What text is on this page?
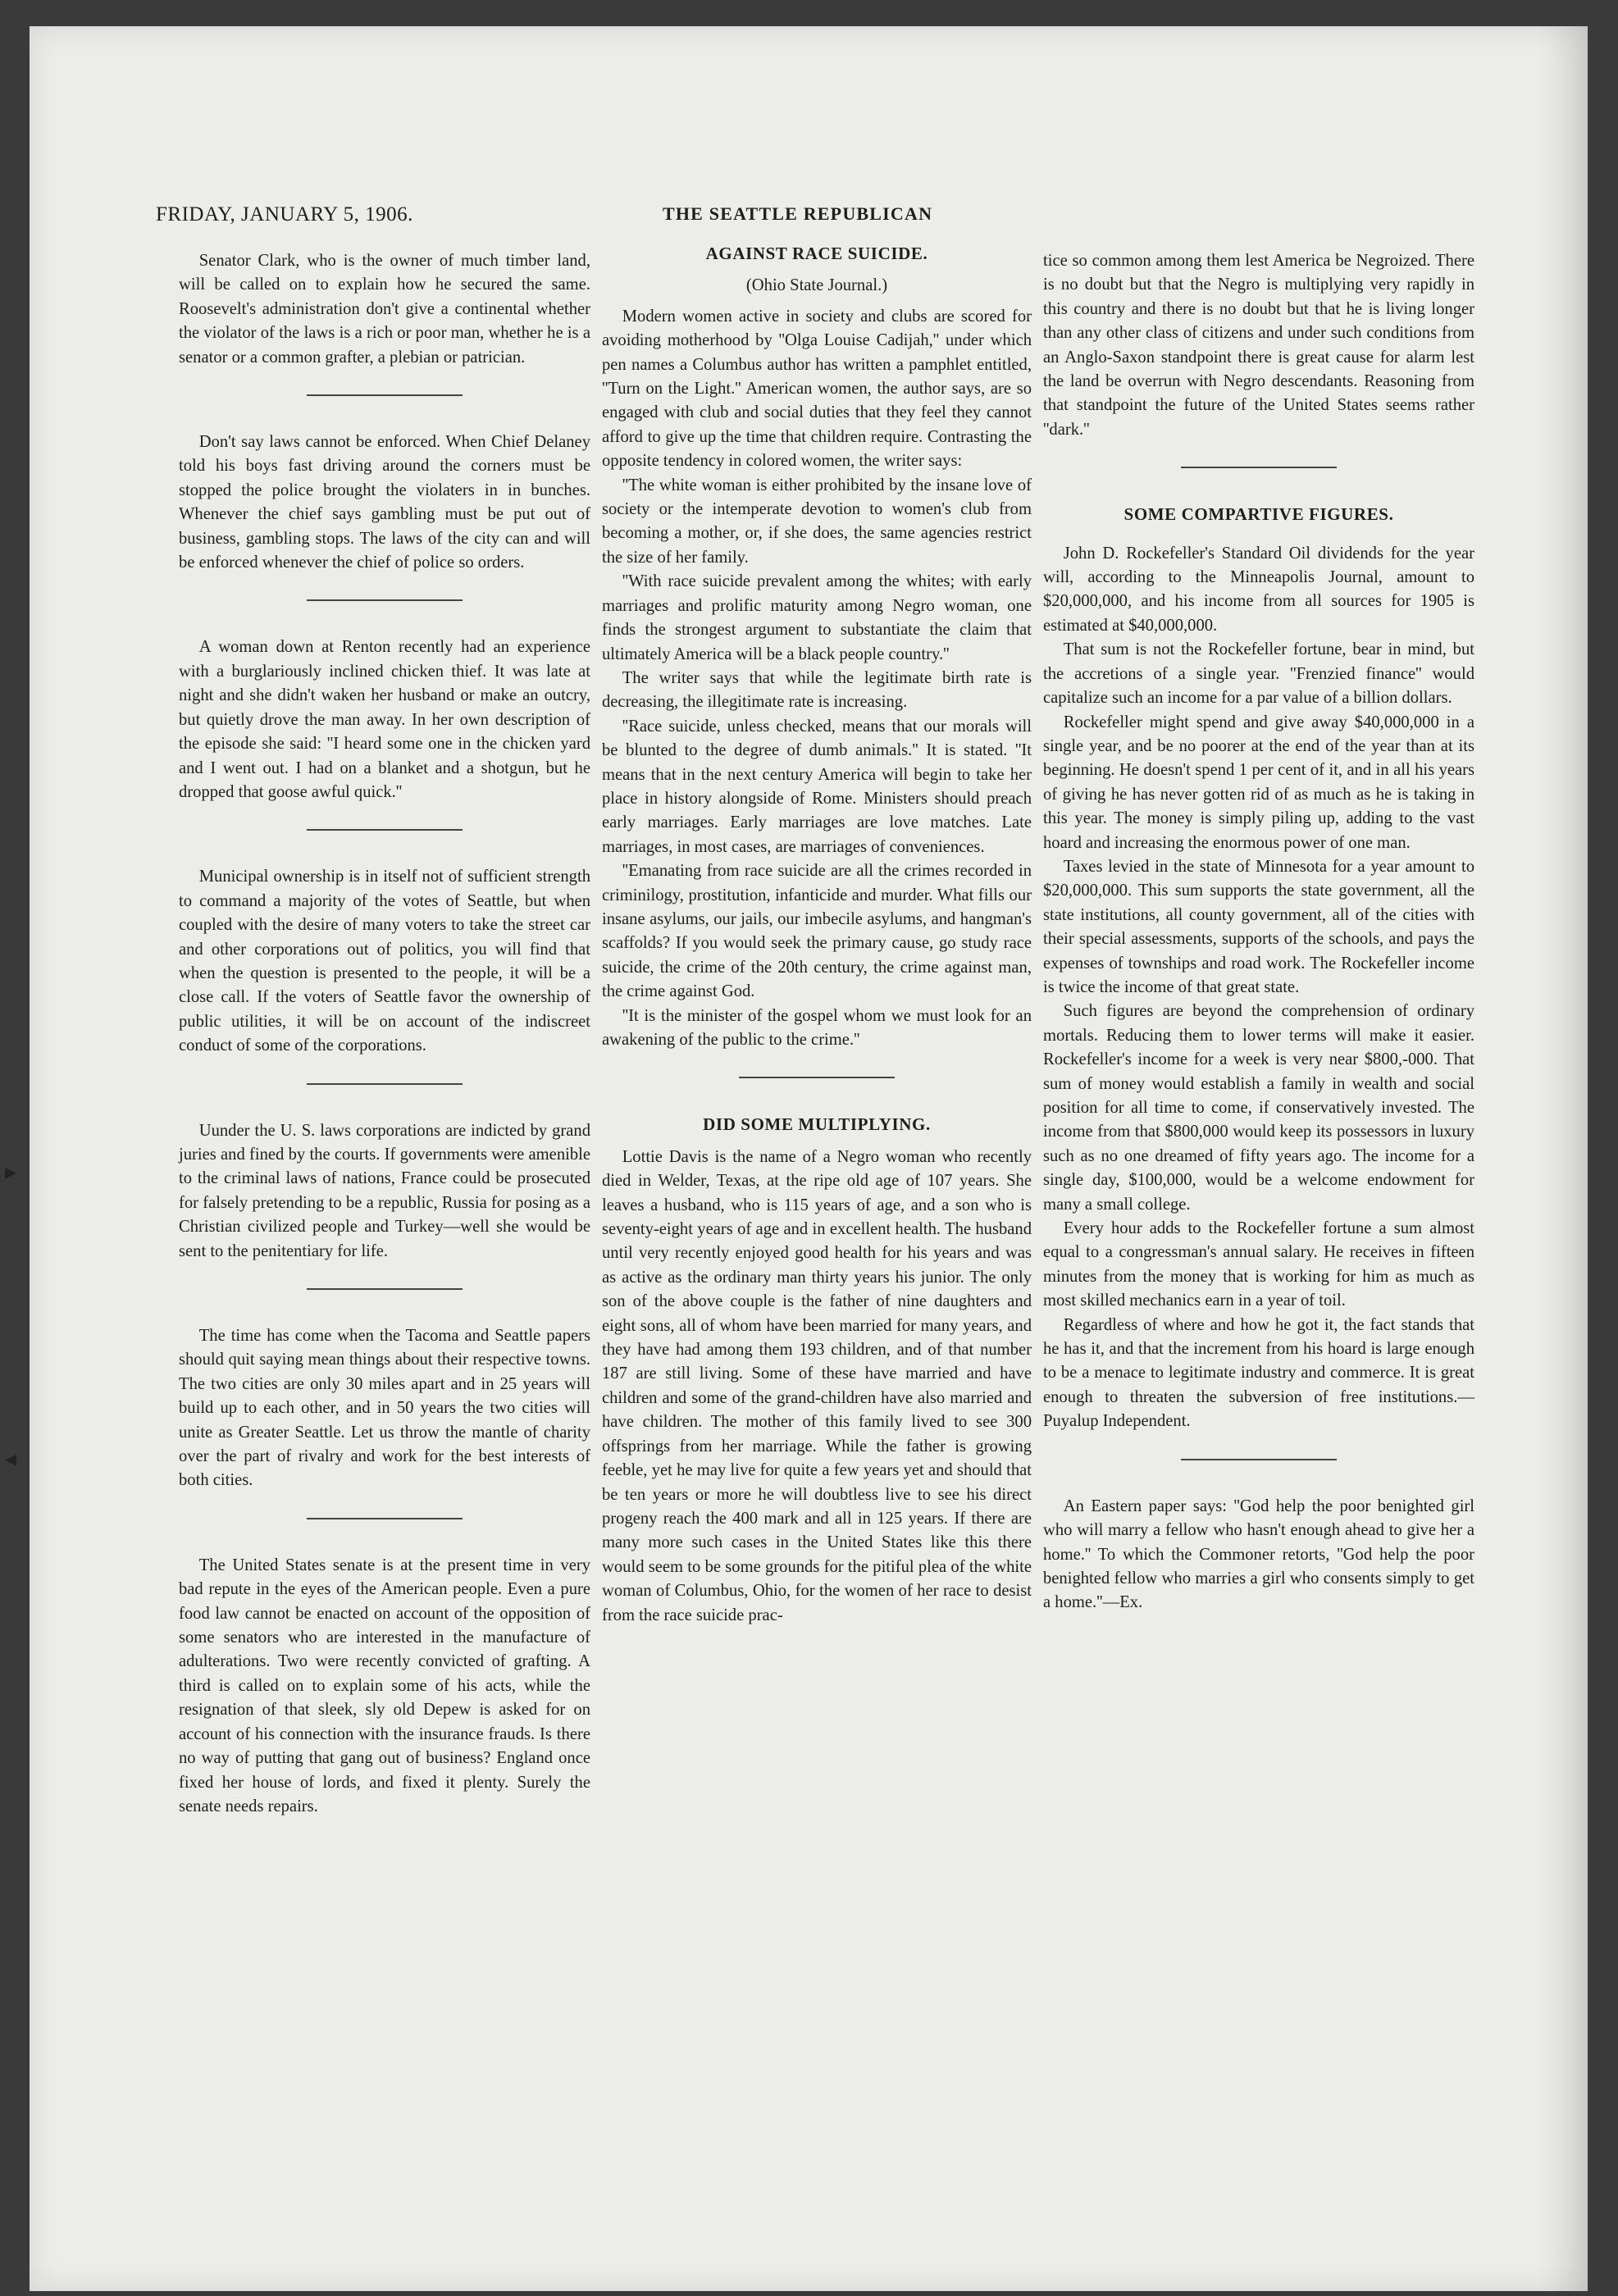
FRIDAY, JANUARY 5, 1906.	THE SEATTLE REPUBLICAN

Senator Clark, who is the owner of much timber land, will be called on to explain how he secured the same. Roosevelt's administration don't give a continental whether the violator of the laws is a rich or poor man, whether he is a senator or a common grafter, a plebian or patrician.

Don't say laws cannot be enforced. When Chief Delaney told his boys fast driving around the corners must be stopped the police brought the violaters in in bunches. Whenever the chief says gambling must be put out of business, gambling stops. The laws of the city can and will be enforced whenever the chief of police so orders.

A woman down at Renton recently had an experience with a burglariously inclined chicken thief. It was late at night and she didn't waken her husband or make an outcry, but quietly drove the man away. In her own description of the episode she said: ''I heard some one in the chicken yard and I went out. I had on a blanket and a shotgun, but he dropped that goose awful quick.''

Municipal ownership is in itself not of sufficient strength to command a majority of the votes of Seattle, but when coupled with the desire of many voters to take the street car and other corporations out of politics, you will find that when the question is presented to the people, it will be a close call. If the voters of Seattle favor the ownership of public utilities, it will be on account of the indiscreet conduct of some of the corporations.

Uunder the U. S. laws corporations are indicted by grand juries and fined by the courts. If governments were amenible to the criminal laws of nations, France could be prosecuted for falsely pretending to be a republic, Russia for posing as a Christian civilized people and Turkey—well she would be sent to the penitentiary for life.

The time has come when the Tacoma and Seattle papers should quit saying mean things about their respective towns. The two cities are only 30 miles apart and in 25 years will build up to each other, and in 50 years the two cities will unite as Greater Seattle. Let us throw the mantle of charity over the part of rivalry and work for the best interests of both cities.

The United States senate is at the present time in very bad repute in the eyes of the American people. Even a pure food law cannot be enacted on account of the opposition of some senators who are interested in the manufacture of adulterations. Two were recently convicted of grafting. A third is called on to explain some of his acts, while the resignation of that sleek, sly old Depew is asked for on account of his connection with the insurance frauds. Is there no way of putting that gang out of business? England once fixed her house of lords, and fixed it plenty. Surely the senate needs repairs.

AGAINST RACE SUICIDE.
(Ohio State Journal.)

Modern women active in society and clubs are scored for avoiding motherhood by ''Olga Louise Cadijah,'' under which pen names a Columbus author has written a pamphlet entitled, ''Turn on the Light.'' American women, the author says, are so engaged with club and social duties that they feel they cannot afford to give up the time that children require. Contrasting the opposite tendency in colored women, the writer says:

''The white woman is either prohibited by the insane love of society or the intemperate devotion to women's club from becoming a mother, or, if she does, the same agencies restrict the size of her family.

''With race suicide prevalent among the whites; with early marriages and prolific maturity among Negro woman, one finds the strongest argument to substantiate the claim that ultimately America will be a black people country.''

The writer says that while the legitimate birth rate is decreasing, the illegitimate rate is increasing.

''Race suicide, unless checked, means that our morals will be blunted to the degree of dumb animals.'' It is stated. ''It means that in the next century America will begin to take her place in history alongside of Rome. Ministers should preach early marriages. Early marriages are love matches. Late marriages, in most cases, are marriages of conveniences.

''Emanating from race suicide are all the crimes recorded in criminilogy, prostitution, infanticide and murder. What fills our insane asylums, our jails, our imbecile asylums, and hangman's scaffolds? If you would seek the primary cause, go study race suicide, the crime of the 20th century, the crime against man, the crime against God.

''It is the minister of the gospel whom we must look for an awakening of the public to the crime.''

DID SOME MULTIPLYING.

Lottie Davis is the name of a Negro woman who recently died in Welder, Texas, at the ripe old age of 107 years. She leaves a husband, who is 115 years of age, and a son who is seventy-eight years of age and in excellent health. The husband until very recently enjoyed good health for his years and was as active as the ordinary man thirty years his junior. The only son of the above couple is the father of nine daughters and eight sons, all of whom have been married for many years, and they have had among them 193 children, and of that number 187 are still living. Some of these have married and have children and some of the grand-children have also married and have children. The mother of this family lived to see 300 offsprings from her marriage. While the father is growing feeble, yet he may live for quite a few years yet and should that be ten years or more he will doubtless live to see his direct progeny reach the 400 mark and all in 125 years. If there are many more such cases in the United States like this there would seem to be some grounds for the pitiful plea of the white woman of Columbus, Ohio, for the women of her race to desist from the race suicide prac-

tice so common among them lest America be Negroized. There is no doubt but that the Negro is multiplying very rapidly in this country and there is no doubt but that he is living longer than any other class of citizens and under such conditions from an Anglo-Saxon standpoint there is great cause for alarm lest the land be overrun with Negro descendants. Reasoning from that standpoint the future of the United States seems rather ''dark.''

SOME COMPARTIVE FIGURES.

John D. Rockefeller's Standard Oil dividends for the year will, according to the Minneapolis Journal, amount to $20,000,000, and his income from all sources for 1905 is estimated at $40,000,000.

That sum is not the Rockefeller fortune, bear in mind, but the accretions of a single year. ''Frenzied finance'' would capitalize such an income for a par value of a billion dollars.

Rockefeller might spend and give away $40,000,000 in a single year, and be no poorer at the end of the year than at its beginning. He doesn't spend 1 per cent of it, and in all his years of giving he has never gotten rid of as much as he is taking in this year. The money is simply piling up, adding to the vast hoard and increasing the enormous power of one man.

Taxes levied in the state of Minnesota for a year amount to $20,000,000. This sum supports the state government, all the state institutions, all county government, all of the cities with their special assessments, supports of the schools, and pays the expenses of townships and road work. The Rockefeller income is twice the income of that great state.

Such figures are beyond the comprehension of ordinary mortals. Reducing them to lower terms will make it easier. Rockefeller's income for a week is very near $800,-000. That sum of money would establish a family in wealth and social position for all time to come, if conservatively invested. The income from that $800,000 would keep its possessors in luxury such as no one dreamed of fifty years ago. The income for a single day, $100,000, would be a welcome endowment for many a small college.

Every hour adds to the Rockefeller fortune a sum almost equal to a congressman's annual salary. He receives in fifteen minutes from the money that is working for him as much as most skilled mechanics earn in a year of toil.

Regardless of where and how he got it, the fact stands that he has it, and that the increment from his hoard is large enough to be a menace to legitimate industry and commerce. It is great enough to threaten the subversion of free institutions.—Puyalup Independent.

An Eastern paper says: ''God help the poor benighted girl who will marry a fellow who hasn't enough ahead to give her a home.'' To which the Commoner retorts, ''God help the poor benighted fellow who marries a girl who consents simply to get a home.''—Ex.

▸
◂
